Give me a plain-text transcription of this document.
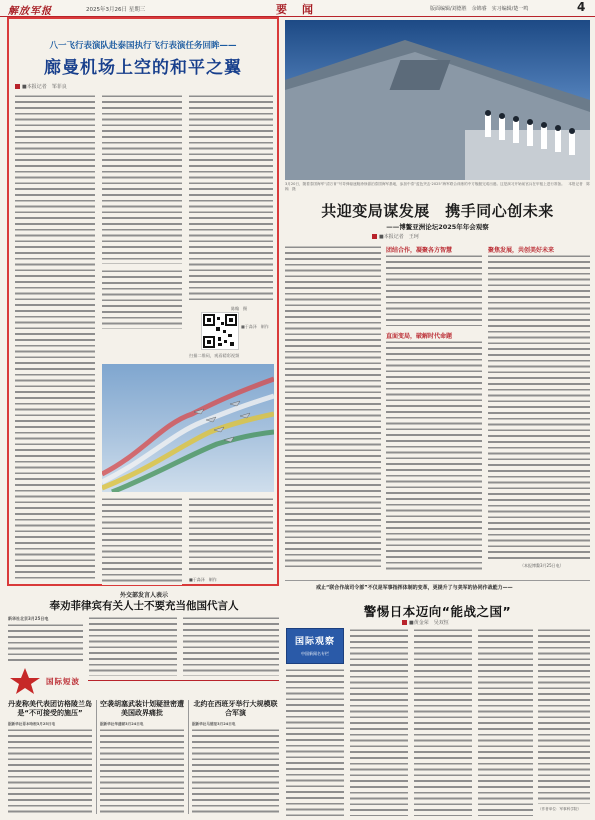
解放军报	2025年3月26日 星期三	要　闻	版面编辑/刘德胜　余锦睿　实习编辑/楚一鸣	4
八一飞行表演队赴泰国执行飞行表演任务回眸——
廊曼机场上空的和平之翼
■本报记者　邹菲良
陈翰　摄
扫描二维码，观看精彩视频
■于淼泽　制作
■于淼泽　制作
3月20日，随着泰国海军“清万育”号导弹驱逐舰徐徐靠泊泰国海军基地，参加中泰“蓝色突击·2025”海军联合训练的中方舰艇完成出港。这是演习开始前官兵在甲板上进行准备。　 本报记者　陈翰　摄
共迎变局谋发展　携手同心创未来
——博鳌亚洲论坛2025年年会观察
■本报记者　王珂
团结合作，凝聚各方智慧
直面变局，破解时代命题
聚焦发展，共创美好未来
（本报博鳌3月25日电）
外交部发言人表示
奉劝菲律宾有关人士不要充当他国代言人
新华社北京3月25日电
国际短波
丹麦称美代表团访格陵兰岛是“不可接受的施压”
据新华社哥本哈根3月25日电
空袭胡塞武装计划疑泄密遭美国政界痛批
据新华社华盛顿3月24日电
北约在西班牙举行大规模联合军演
据新华社马德里3月24日电
戒止“联合作战司令部”不仅是军事指挥体制的变革，更提升了与美军的协同作战能力——
警惕日本迈向“能战之国”
■黄金荣　吴双恒
国际观察
中国新闻名专栏
（作者单位：军事科学院）
